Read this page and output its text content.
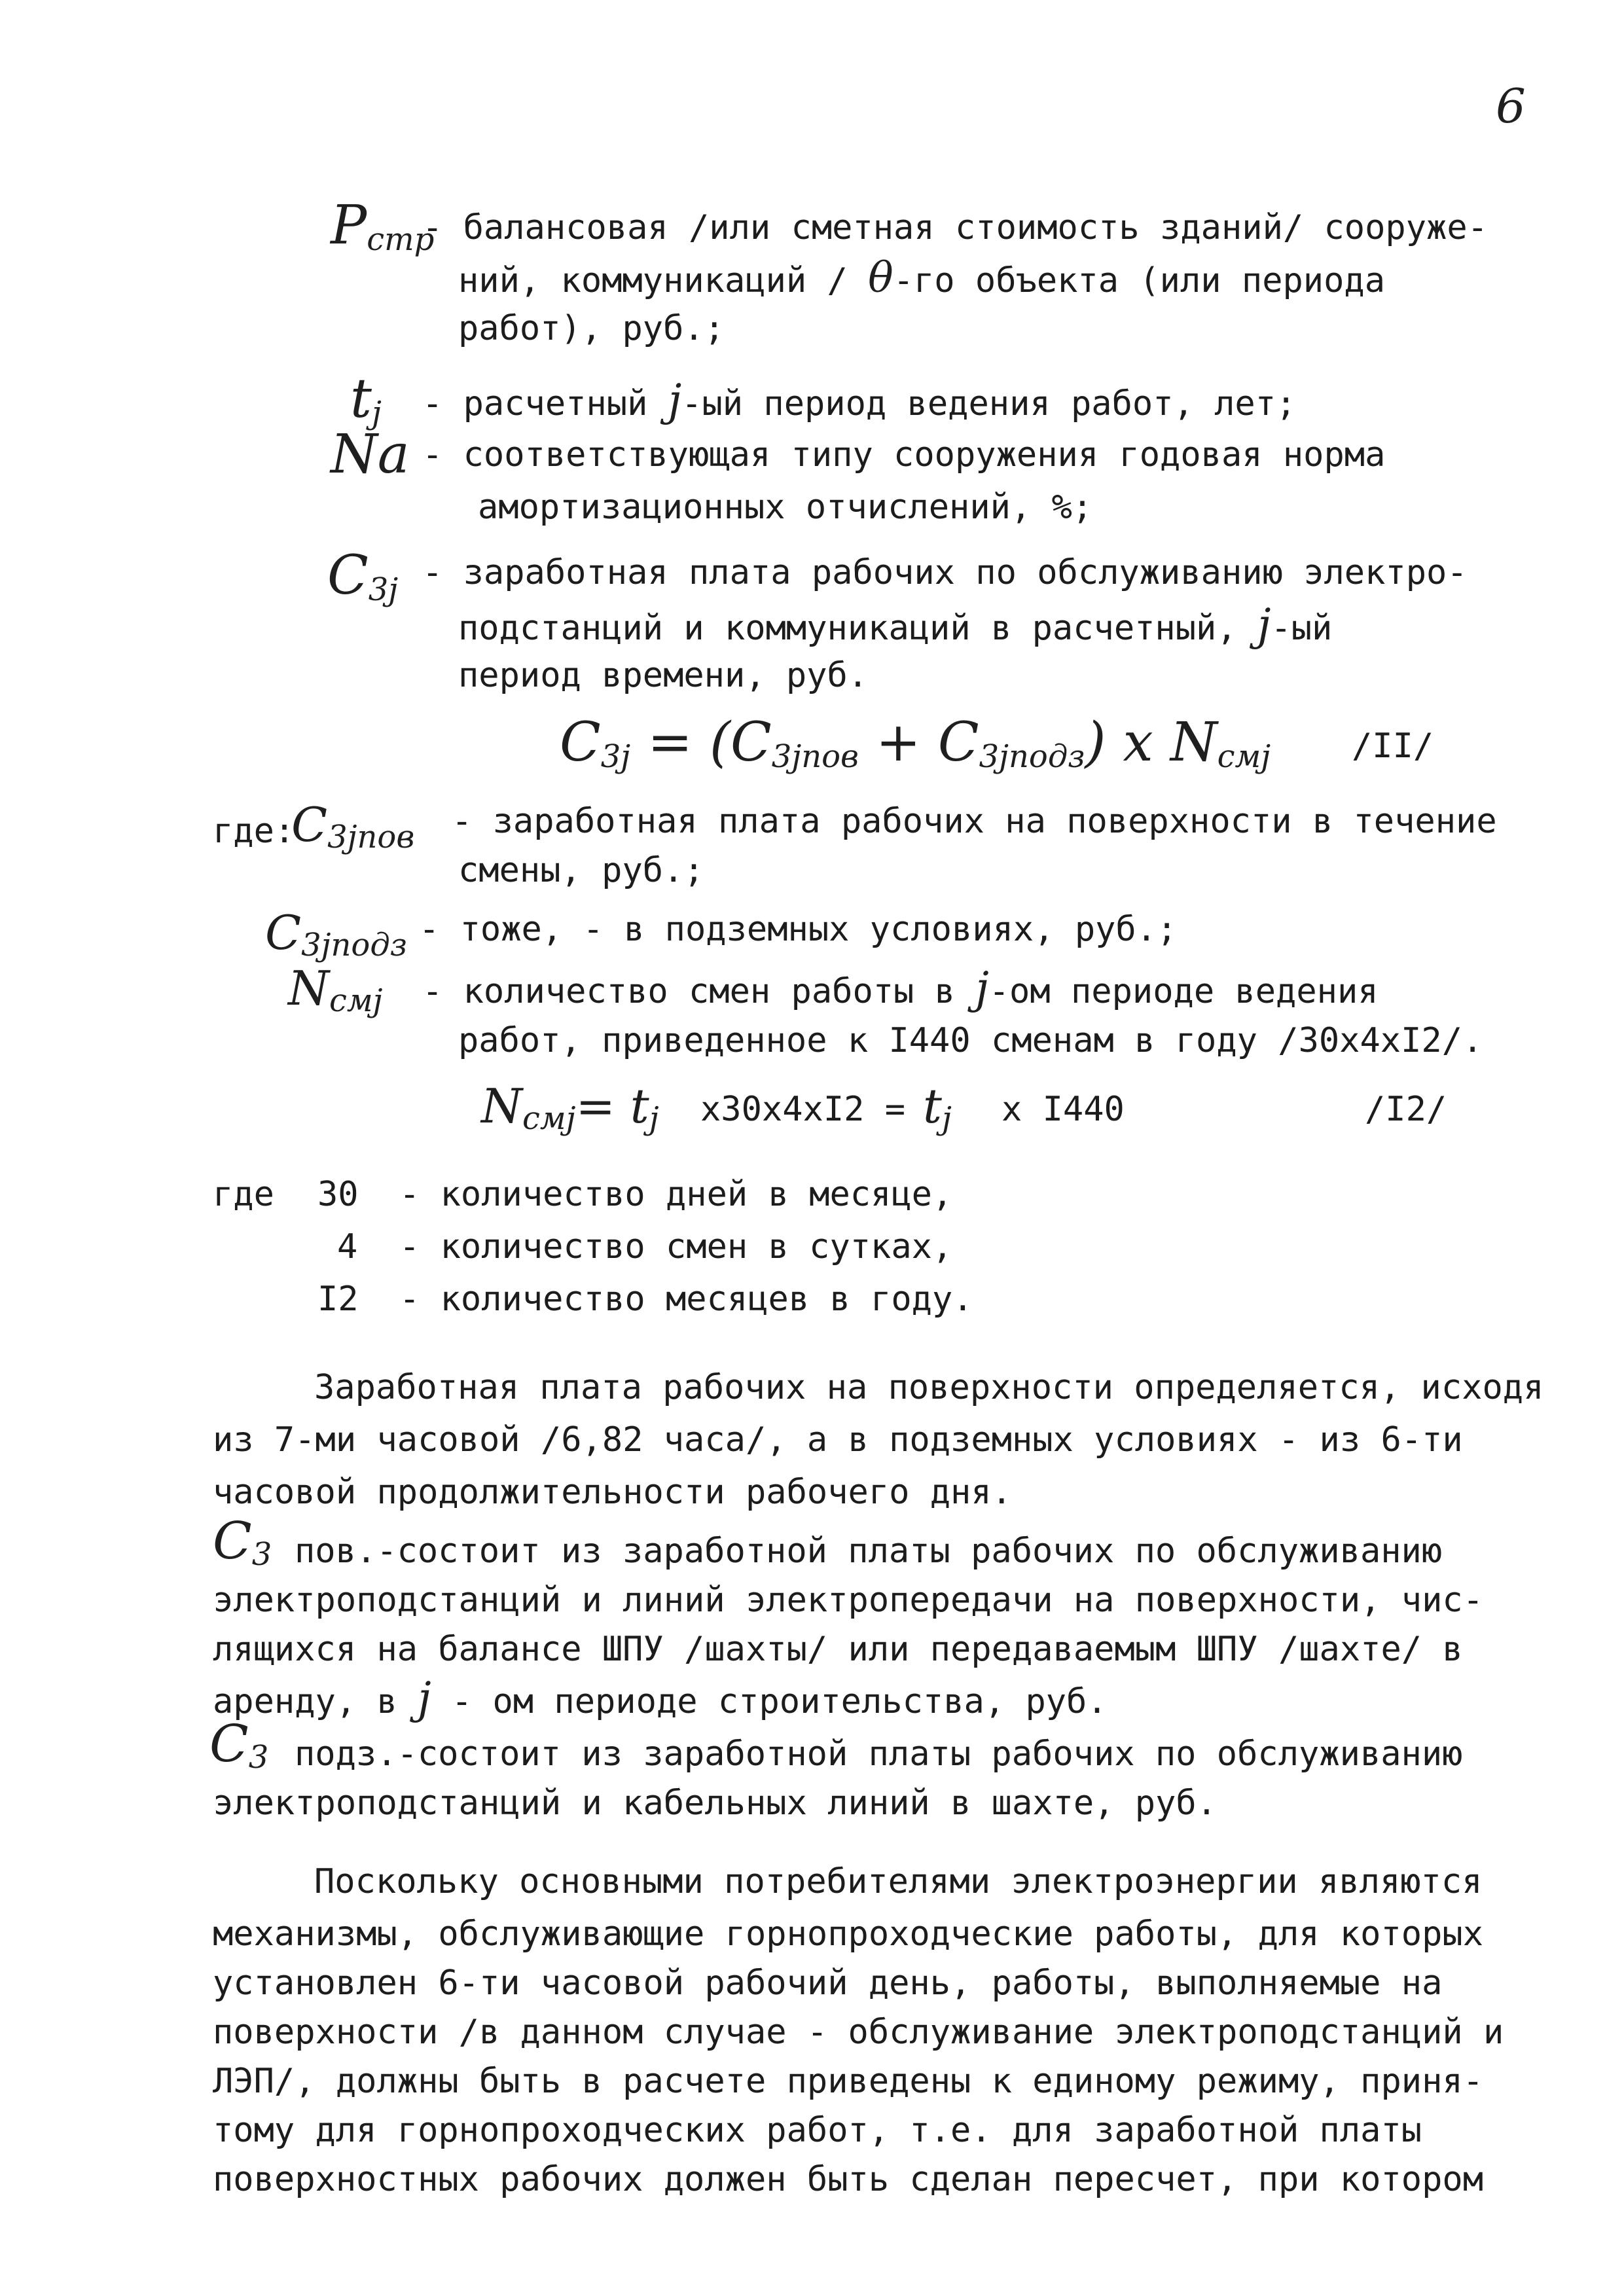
6
$P_{стр}$
- балансовая /или сметная стоимость зданий/ сооруже-
ний, коммуникаций / θ-го объекта (или периода
работ), руб.;
$t_j$ - расчетный j-ый период ведения работ, лет;
Na - соответствующая типу сооружения годовая норма
амортизационных отчислений, %;
$C_{3j}$ - заработная плата рабочих по обслуживанию электро-
подстанций и коммуникаций в расчетный, j-ый
период времени, руб.
$C_{3j} = (C_{3jпов} + C_{3jподз})$ x $N_{смj}$ /II/
где:
$C_{3jпов}$ - заработная плата рабочих на поверхности в течение
смены, руб.;
$C_{3jподз}$ - тоже, - в подземных условиях, руб.;
$N_{смj}$ - количество смен работы в j-ом периоде ведения
работ, приведенное к I440 сменам в году /30x4xI2/.
$N_{смj}= t_j$ $x30x4xI2 = t_j$ x I440	/I2/
где 30 - количество дней в месяце,
4 - количество смен в сутках,
I2 - количество месяцев в году.
Заработная плата рабочих на поверхности определяется, исходя
из 7-ми часовой /6,82 часа/, а в подземных условиях - из 6-ти
часовой продолжительности рабочего дня.
$C_3$ пов.-состоит из заработной платы рабочих по обслуживанию
электроподстанций и линий электропередачи на поверхности, чис-
лящихся на балансе ШПУ /шахты/ или передаваемым ШПУ /шахте/ в
аренду, в j - ом периоде строительства, руб.
$C_3$ подз.-состоит из заработной платы рабочих по обслуживанию
электроподстанций и кабельных линий в шахте, руб.
Поскольку основными потребителями электроэнергии являются
механизмы, обслуживающие горнопроходческие работы, для которых
установлен 6-ти часовой рабочий день, работы, выполняемые на
поверхности /в данном случае - обслуживание электроподстанций и
ЛЭП/, должны быть в расчете приведены к единому режиму, приня-
тому для горнопроходческих работ, т.е. для заработной платы
поверхностных рабочих должен быть сделан пересчет, при котором
